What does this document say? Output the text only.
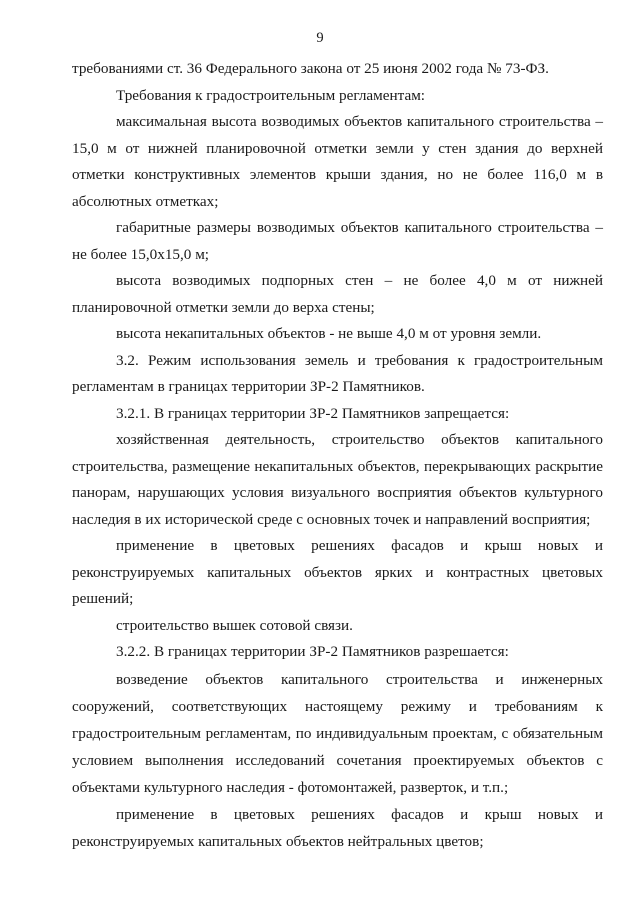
9

требованиями ст. 36 Федерального закона от 25 июня 2002 года № 73-ФЗ.

Требования к градостроительным регламентам:

максимальная высота возводимых объектов капитального строительства – 15,0 м от нижней планировочной отметки земли у стен здания до верхней отметки конструктивных элементов крыши здания, но не более 116,0 м в абсолютных отметках;

габаритные размеры возводимых объектов капитального строительства – не более 15,0х15,0 м;

высота возводимых подпорных стен – не более 4,0 м от нижней планировочной отметки земли до верха стены;

высота некапитальных объектов - не выше 4,0 м от уровня земли.

3.2. Режим использования земель и требования к градостроительным регламентам в границах территории ЗР-2 Памятников.

3.2.1. В границах территории ЗР-2 Памятников запрещается:

хозяйственная деятельность, строительство объектов капитального строительства, размещение некапитальных объектов, перекрывающих раскрытие панорам, нарушающих условия визуального восприятия объектов культурного наследия в их исторической среде с основных точек и направлений восприятия;

применение в цветовых решениях фасадов и крыш новых и реконструируемых капитальных объектов ярких и контрастных цветовых решений;

строительство вышек сотовой связи.

3.2.2. В границах территории ЗР-2 Памятников разрешается:

возведение объектов капитального строительства и инженерных сооружений, соответствующих настоящему режиму и требованиям к градостроительным регламентам, по индивидуальным проектам, с обязательным условием выполнения исследований сочетания проектируемых объектов с объектами культурного наследия - фотомонтажей, разверток, и т.п.;

применение в цветовых решениях фасадов и крыш новых и реконструируемых капитальных объектов нейтральных цветов;
